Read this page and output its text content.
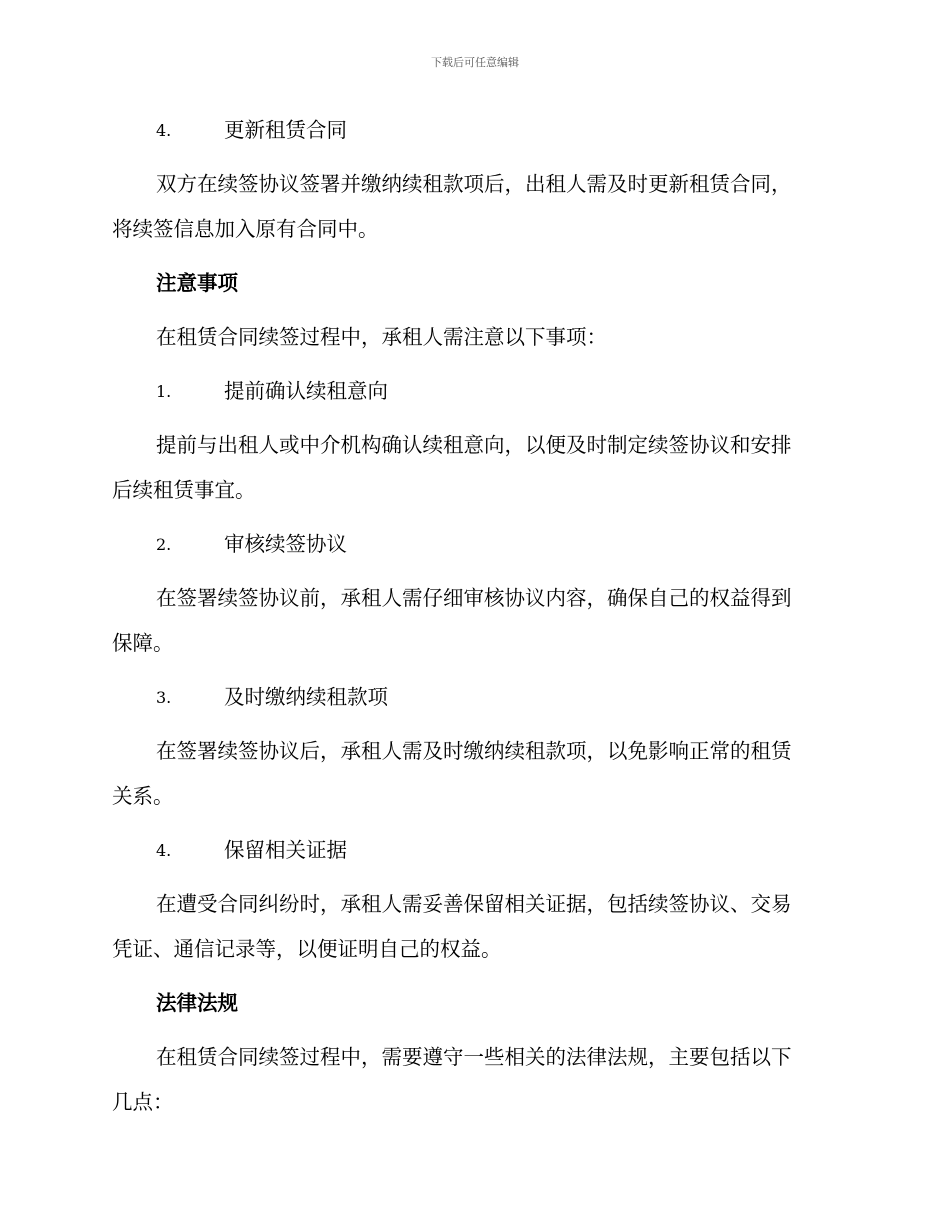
下载后可任意编辑
4.	更新租赁合同
双方在续签协议签署并缴纳续租款项后，出租人需及时更新租赁合同，
将续签信息加入原有合同中。
注意事项
在租赁合同续签过程中，承租人需注意以下事项：
1.	提前确认续租意向
提前与出租人或中介机构确认续租意向，以便及时制定续签协议和安排
后续租赁事宜。
2.	审核续签协议
在签署续签协议前，承租人需仔细审核协议内容，确保自己的权益得到
保障。
3.	及时缴纳续租款项
在签署续签协议后，承租人需及时缴纳续租款项，以免影响正常的租赁
关系。
4.	保留相关证据
在遭受合同纠纷时，承租人需妥善保留相关证据，包括续签协议、交易
凭证、通信记录等，以便证明自己的权益。
法律法规
在租赁合同续签过程中，需要遵守一些相关的法律法规，主要包括以下
几点：
